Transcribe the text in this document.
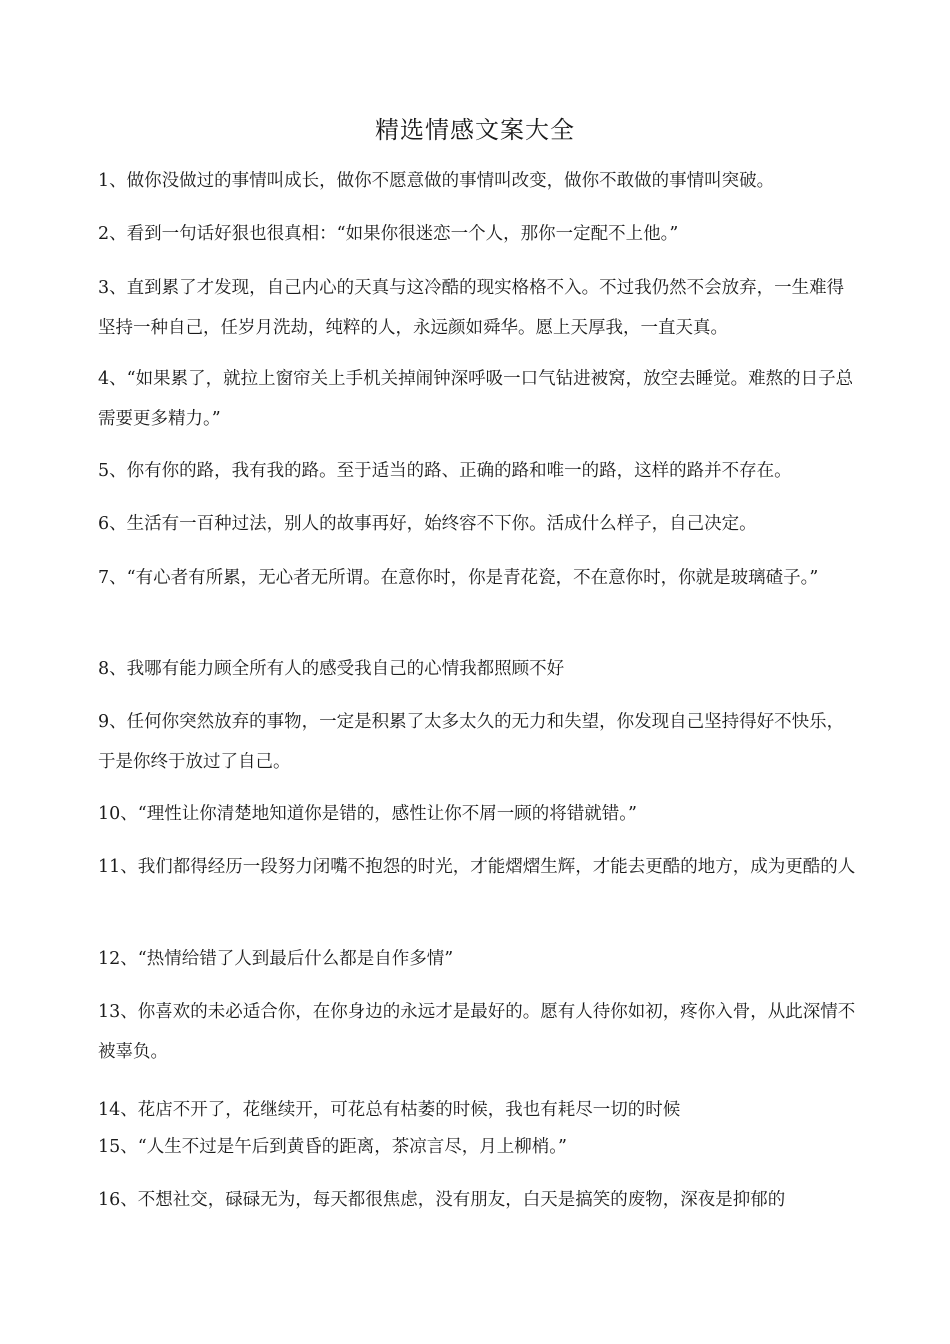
精选情感文案大全

1、做你没做过的事情叫成长，做你不愿意做的事情叫改变，做你不敢做的事情叫突破。

2、看到一句话好狠也很真相：“如果你很迷恋一个人，那你一定配不上他。”

3、直到累了才发现，自己内心的天真与这冷酷的现实格格不入。不过我仍然不会放弃，一生难得坚持一种自己，任岁月洗劫，纯粹的人，永远颜如舜华。愿上天厚我，一直天真。

4、“如果累了，就拉上窗帘关上手机关掉闹钟深呼吸一口气钻进被窝，放空去睡觉。难熬的日子总需要更多精力。”

5、你有你的路，我有我的路。至于适当的路、正确的路和唯一的路，这样的路并不存在。

6、生活有一百种过法，别人的故事再好，始终容不下你。活成什么样子，自己决定。

7、“有心者有所累，无心者无所谓。在意你时，你是青花瓷，不在意你时，你就是玻璃碴子。”

8、我哪有能力顾全所有人的感受我自己的心情我都照顾不好

9、任何你突然放弃的事物，一定是积累了太多太久的无力和失望，你发现自己坚持得好不快乐，于是你终于放过了自己。

10、“理性让你清楚地知道你是错的，感性让你不屑一顾的将错就错。”

11、我们都得经历一段努力闭嘴不抱怨的时光，才能熠熠生辉，才能去更酷的地方，成为更酷的人

12、“热情给错了人到最后什么都是自作多情”

13、你喜欢的未必适合你，在你身边的永远才是最好的。愿有人待你如初，疼你入骨，从此深情不被辜负。

14、花店不开了，花继续开，可花总有枯萎的时候，我也有耗尽一切的时候

15、“人生不过是午后到黄昏的距离，茶凉言尽，月上柳梢。”

16、不想社交，碌碌无为，每天都很焦虑，没有朋友，白天是搞笑的废物，深夜是抑郁的
